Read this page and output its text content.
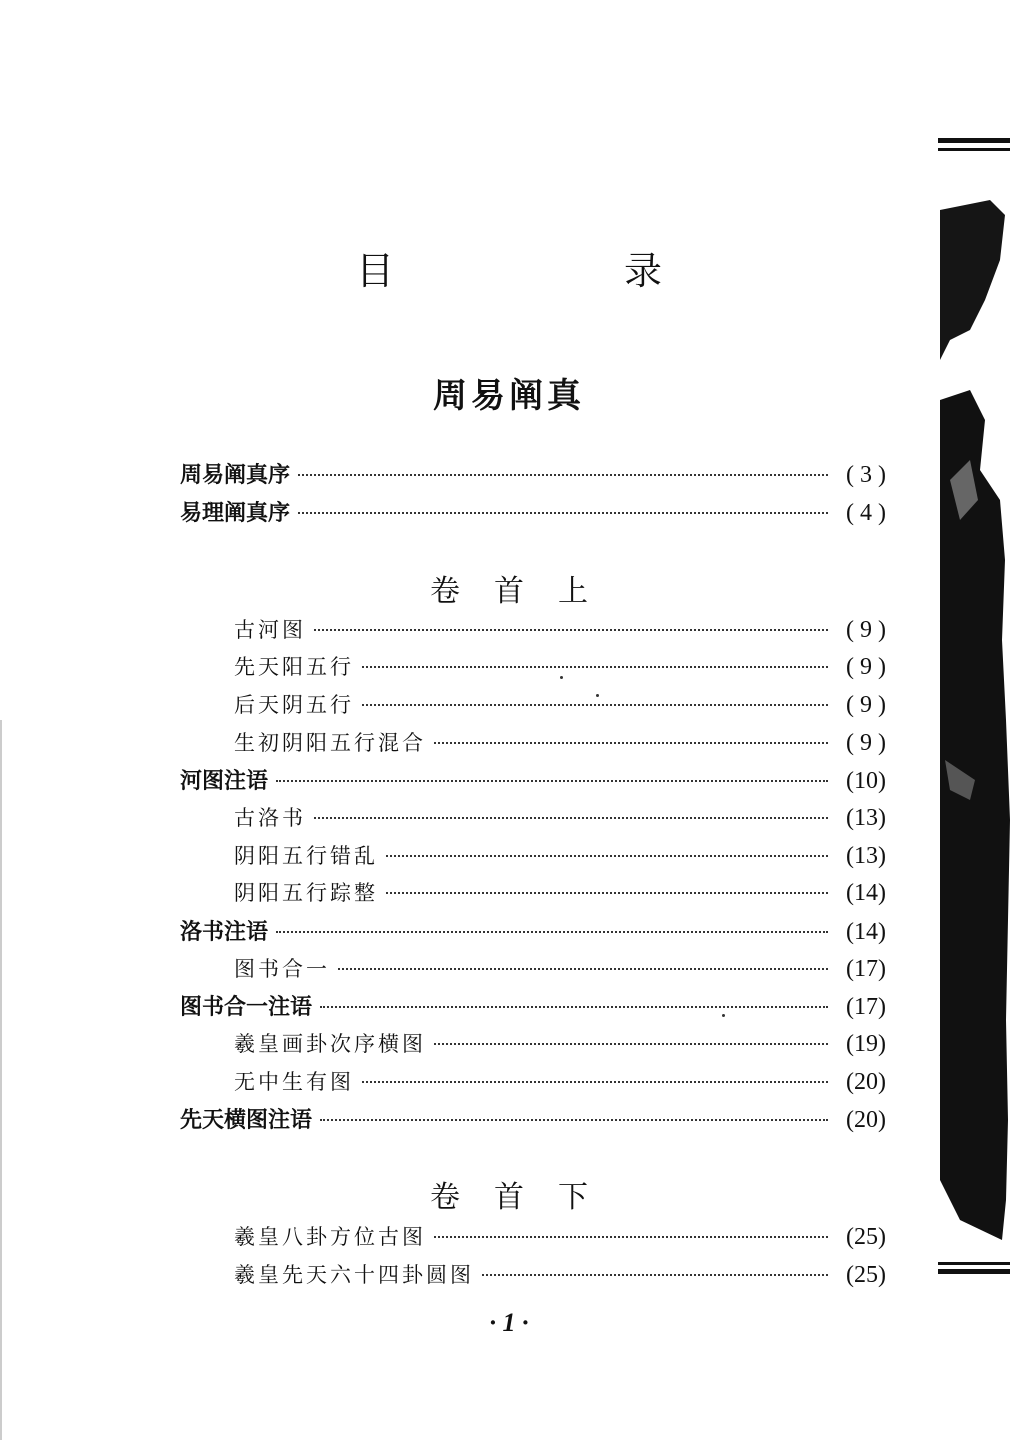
目　录
周易阐真
周易阐真序	( 3 )
易理阐真序	( 4 )
卷首上
古河图	( 9 )
先天阳五行	( 9 )
后天阴五行	( 9 )
生初阴阳五行混合	( 9 )
河图注语	(10)
古洛书	(13)
阴阳五行错乱	(13)
阴阳五行踪整	(14)
洛书注语	(14)
图书合一	(17)
图书合一注语	(17)
羲皇画卦次序横图	(19)
无中生有图	(20)
先天横图注语	(20)
卷首下
羲皇八卦方位古图	(25)
羲皇先天六十四卦圆图	(25)
· 1 ·
